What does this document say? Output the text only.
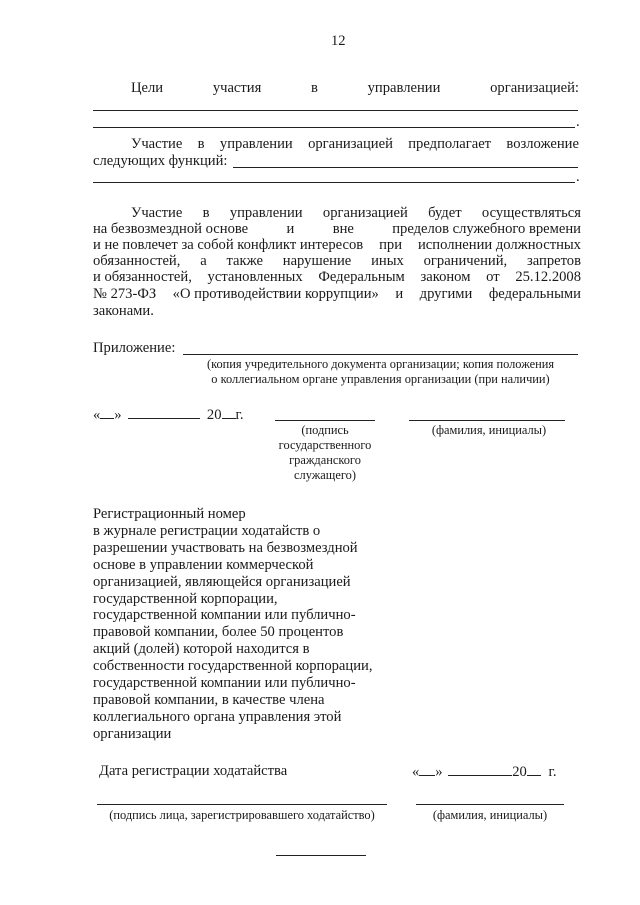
12
Цели	участия	в	управлении	организацией:
.
Участие в управлении организацией предполагает возложение
следующих функций:
.
Участие в управлении организацией будет осуществляться
на безвозмездной основе	и	вне	пределов служебного времени
и не повлечет за собой конфликт интересов при исполнении должностных
обязанностей, а также нарушение иных ограничений, запретов
и обязанностей, установленных Федеральным законом от 25.12.2008
№ 273-ФЗ «О противодействии коррупции» и другими федеральными
законами.
Приложение:
(копия учредительного документа организации; копия положения
о коллегиальном органе управления организации (при наличии)
« »	20 г.
(подпись
государственного
гражданского
служащего)
(фамилия, инициалы)
Регистрационный номер
в журнале регистрации ходатайств о
разрешении участвовать на безвозмездной
основе в управлении коммерческой
организацией, являющейся организацией
государственной корпорации,
государственной компании или публично-
правовой компании, более 50 процентов
акций (долей) которой находится в
собственности государственной корпорации,
государственной компании или публично-
правовой компании, в качестве члена
коллегиального органа управления этой
организации
Дата регистрации ходатайства	« »	20 г.
(подпись лица, зарегистрировавшего ходатайство)	(фамилия, инициалы)
